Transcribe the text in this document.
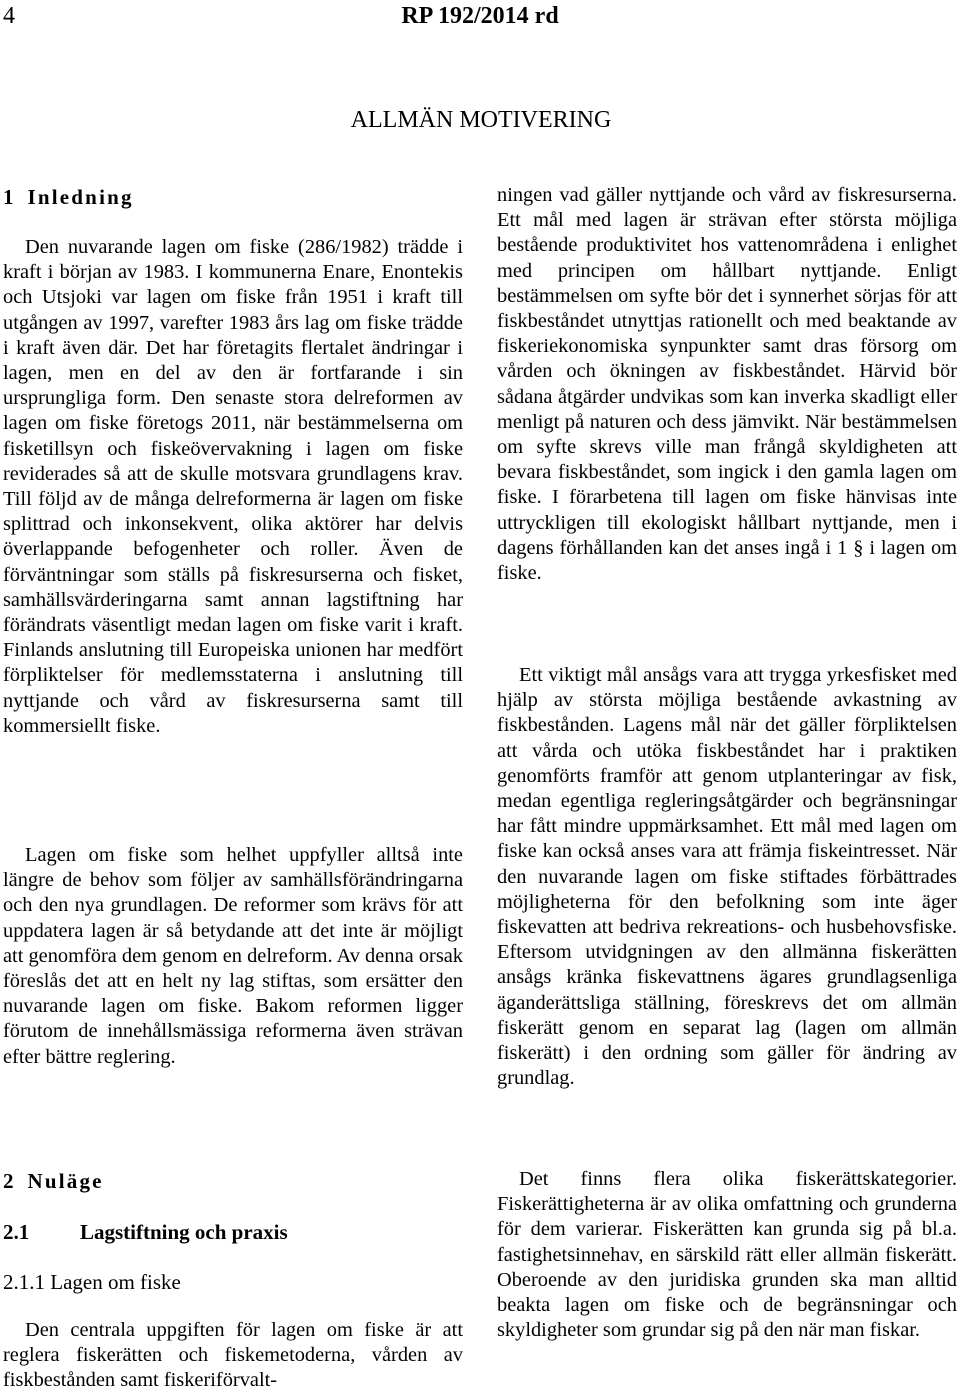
4	RP 192/2014 rd
ALLMÄN MOTIVERING
1 Inledning

Den nuvarande lagen om fiske (286/1982) trädde i kraft i början av 1983. I kommunerna Enare, Enontekis och Utsjoki var lagen om fiske från 1951 i kraft till utgången av 1997, varefter 1983 års lag om fiske trädde i kraft även där. Det har företagits flertalet ändringar i lagen, men en del av den är fortfarande i sin ursprungliga form. Den senaste stora delreformen av lagen om fiske företogs 2011, när bestämmelserna om fisketillsyn och fiskeövervakning i lagen om fiske reviderades så att de skulle motsvara grundlagens krav. Till följd av de många delreformerna är lagen om fiske splittrad och inkonsekvent, olika aktörer har delvis överlappande befogenheter och roller. Även de förväntningar som ställs på fiskresurserna och fisket, samhällsvärderingarna samt annan lagstiftning har förändrats väsentligt medan lagen om fiske varit i kraft. Finlands anslutning till Europeiska unionen har medfört förpliktelser för medlemsstaterna i anslutning till nyttjande och vård av fiskresurserna samt till kommersiellt fiske.

Lagen om fiske som helhet uppfyller alltså inte längre de behov som följer av samhällsförändringarna och den nya grundlagen. De reformer som krävs för att uppdatera lagen är så betydande att det inte är möjligt att genomföra dem genom en delreform. Av denna orsak föreslås det att en helt ny lag stiftas, som ersätter den nuvarande lagen om fiske. Bakom reformen ligger förutom de innehållsmässiga reformerna även strävan efter bättre reglering.

2 Nuläge
2.1 Lagstiftning och praxis
2.1.1 Lagen om fiske

Den centrala uppgiften för lagen om fiske är att reglera fiskerätten och fiskemetoderna, vården av fiskbestånden samt fiskeriförvalt-

ningen vad gäller nyttjande och vård av fiskresurserna. Ett mål med lagen är strävan efter största möjliga bestående produktivitet hos vattenområdena i enlighet med principen om hållbart nyttjande. Enligt bestämmelsen om syfte bör det i synnerhet sörjas för att fiskbeståndet utnyttjas rationellt och med beaktande av fiskeriekonomiska synpunkter samt dras försorg om vården och ökningen av fiskbeståndet. Härvid bör sådana åtgärder undvikas som kan inverka skadligt eller menligt på naturen och dess jämvikt. När bestämmelsen om syfte skrevs ville man frångå skyldigheten att bevara fiskbeståndet, som ingick i den gamla lagen om fiske. I förarbetena till lagen om fiske hänvisas inte uttryckligen till ekologiskt hållbart nyttjande, men i dagens förhållanden kan det anses ingå i 1 § i lagen om fiske.

Ett viktigt mål ansågs vara att trygga yrkesfisket med hjälp av största möjliga bestående avkastning av fiskbestånden. Lagens mål när det gäller förpliktelsen att vårda och utöka fiskbeståndet har i praktiken genomförts framför att genom utplanteringar av fisk, medan egentliga regleringsåtgärder och begränsningar har fått mindre uppmärksamhet. Ett mål med lagen om fiske kan också anses vara att främja fiskeintresset. När den nuvarande lagen om fiske stiftades förbättrades möjligheterna för den befolkning som inte äger fiskevatten att bedriva rekreations- och husbehovsfiske. Eftersom utvidgningen av den allmänna fiskerätten ansågs kränka fiskevattnens ägares grundlagsenliga äganderättsliga ställning, föreskrevs det om allmän fiskerätt genom en separat lag (lagen om allmän fiskerätt) i den ordning som gäller för ändring av grundlag.

Det finns flera olika fiskerättskategorier. Fiskerättigheterna är av olika omfattning och grunderna för dem varierar. Fiskerätten kan grunda sig på bl.a. fastighetsinnehav, en särskild rätt eller allmän fiskerätt. Oberoende av den juridiska grunden ska man alltid beakta lagen om fiske och de begränsningar och skyldigheter som grundar sig på den när man fiskar.
